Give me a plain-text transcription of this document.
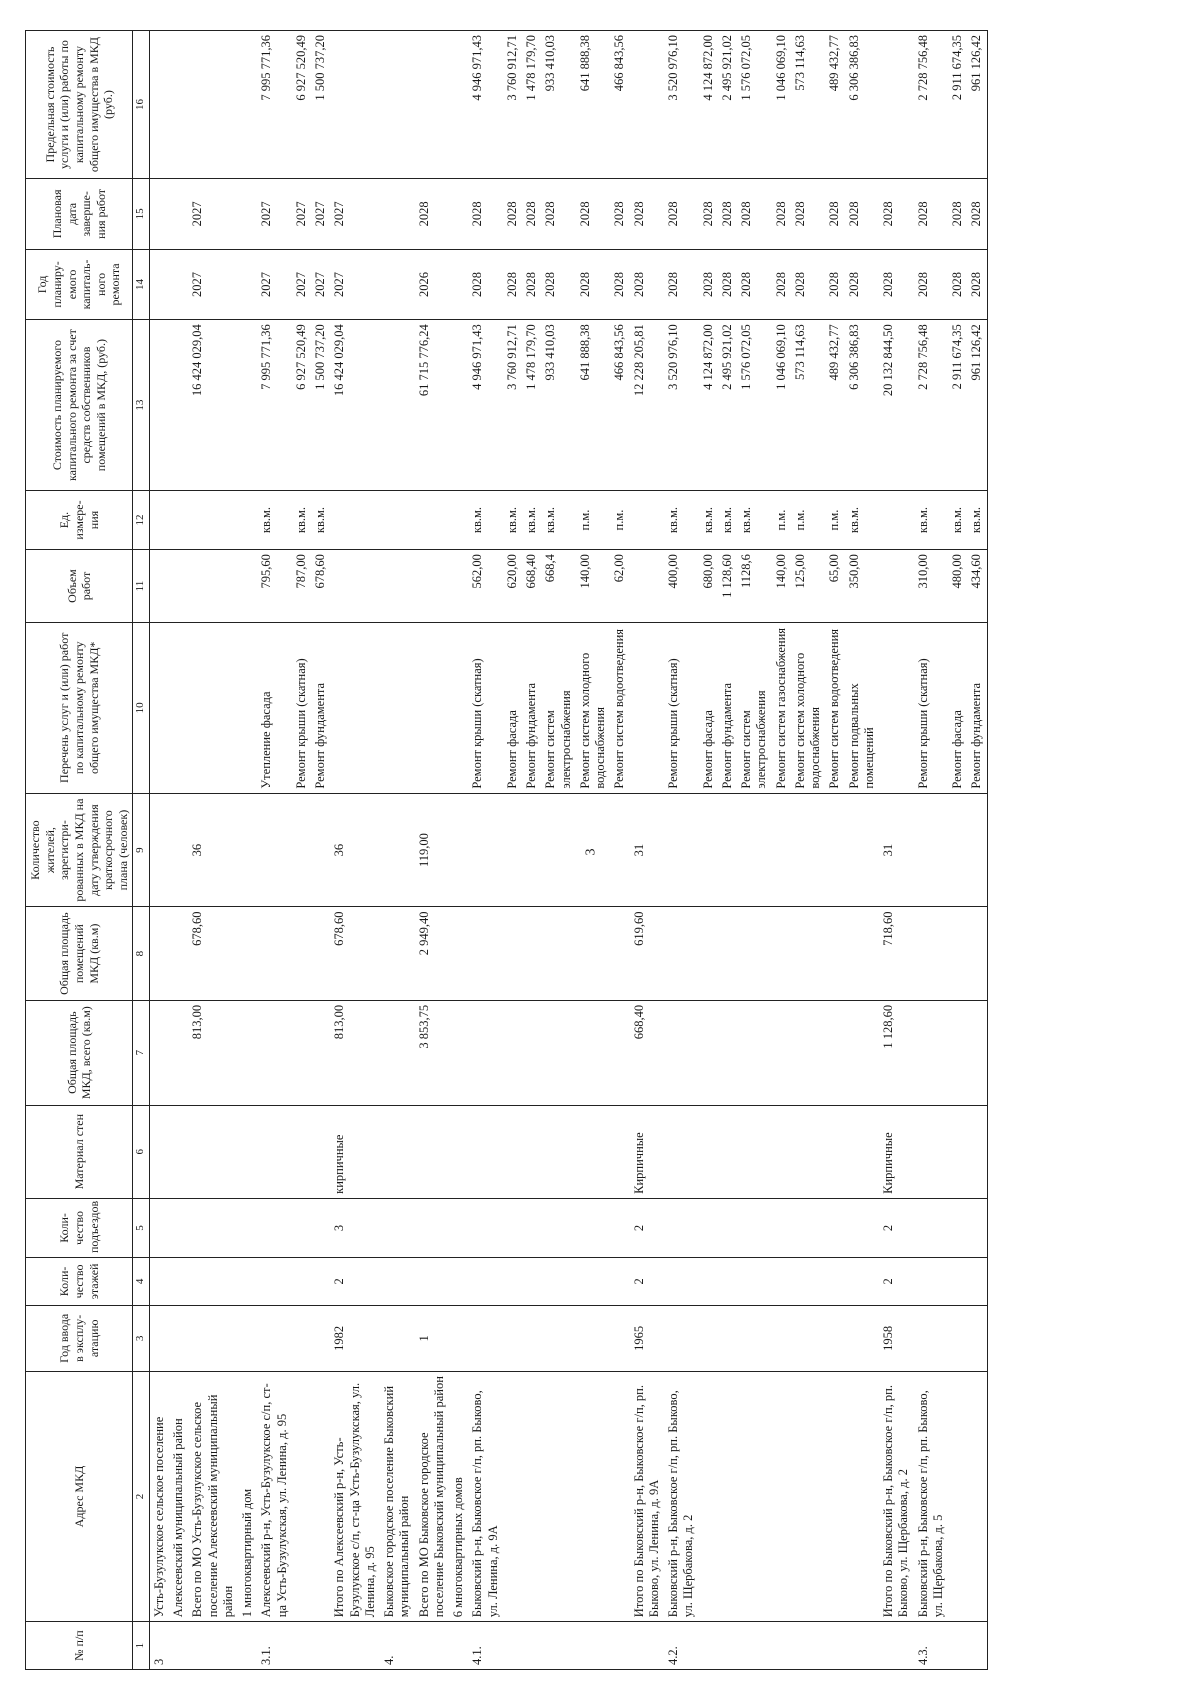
3
№ п/п	Адрес МКД	Год ввода в эксплу-атацию	Коли-чество этажей	Коли-чество подъездов	Материал стен	Общая площадь МКД, всего (кв.м)	Общая площадь помещений МКД (кв.м)	Количество жителей, зарегистри-рованных в МКД на дату утверждения краткосрочного плана (человек)	Перечень услуг и (или) работ по капитальному ремонту общего имущества МКД*	Объем работ	Ед. измере-ния	Стоимость планируемого капитального ремонта за счет средств собственников помещений в МКД, (руб.)	Год планиру-емого капиталь-ного ремонта	Плановая дата заверше-ния работ	Предельная стоимость услуги и (или) работы по капитальному ремонту общего имущества в МКД (руб.)
1	2	3	4	5	6	7	8	9	10	11	12	13	14	15	16
3	Усть-Бузулукское сельское поселение														
	Алексеевский муниципальный район														
	Всего по МО Усть-Бузулукское сельское поселение Алексеевский муниципальный район					813,00	678,60	36				16 424 029,04	2027	2027	
	1 многоквартирный дом														
3.1.	Алексеевский р-н, Усть-Бузулукское с/п, ст-ца Усть-Бузулукская, ул. Ленина, д. 95								Утепление фасада	795,60	кв.м.	7 995 771,36	2027	2027	7 995 771,36
									Ремонт крыши (скатная)	787,00	кв.м.	6 927 520,49	2027	2027	6 927 520,49
									Ремонт фундамента	678,60	кв.м.	1 500 737,20	2027	2027	1 500 737,20
	Итого по Алексеевский р-н, Усть-Бузулукское с/п, ст-ца Усть-Бузулукская, ул. Ленина, д. 95	1982	2	3	кирпичные	813,00	678,60	36				16 424 029,04	2027	2027	
4.	Быковское городское поселение Быковский муниципальный район														
	Всего по МО Быковское городское поселение Быковский муниципальный район	1				3 853,75	2 949,40	119,00				61 715 776,24	2026	2028	
	6 многоквартирных домов														
4.1.	Быковский р-н, Быковское г/п, рп. Быково, ул. Ленина, д. 9А								Ремонт крыши (скатная)	562,00	кв.м.	4 946 971,43	2028	2028	4 946 971,43
									Ремонт фасада	620,00	кв.м.	3 760 912,71	2028	2028	3 760 912,71
									Ремонт фундамента	668,40	кв.м.	1 478 179,70	2028	2028	1 478 179,70
									Ремонт систем электроснабжения	668,4	кв.м.	933 410,03	2028	2028	933 410,03
									Ремонт систем холодного водоснабжения	140,00	п.м.	641 888,38	2028	2028	641 888,38
									Ремонт систем водоотведения	62,00	п.м.	466 843,56	2028	2028	466 843,56
	Итого по Быковский р-н, Быковское г/п, рп. Быково, ул. Ленина, д. 9А	1965	2	2	Кирпичные	668,40	619,60	31				12 228 205,81	2028	2028	
4.2.	Быковский р-н, Быковское г/п, рп. Быково, ул. Щербакова, д. 2								Ремонт крыши (скатная)	400,00	кв.м.	3 520 976,10	2028	2028	3 520 976,10
									Ремонт фасада	680,00	кв.м.	4 124 872,00	2028	2028	4 124 872,00
									Ремонт фундамента	1 128,60	кв.м.	2 495 921,02	2028	2028	2 495 921,02
									Ремонт систем электроснабжения	1128,6	кв.м.	1 576 072,05	2028	2028	1 576 072,05
									Ремонт систем газоснабжения	140,00	п.м.	1 046 069,10	2028	2028	1 046 069,10
									Ремонт систем холодного водоснабжения	125,00	п.м.	573 114,63	2028	2028	573 114,63
									Ремонт систем водоотведения	65,00	п.м.	489 432,77	2028	2028	489 432,77
									Ремонт подвальных помещений	350,00	кв.м.	6 306 386,83	2028	2028	6 306 386,83
	Итого по Быковский р-н, Быковское г/п, рп. Быково, ул. Щербакова, д. 2	1958	2	2	Кирпичные	1 128,60	718,60	31				20 132 844,50	2028	2028	
4.3.	Быковский р-н, Быковское г/п, рп. Быково, ул. Щербакова, д. 5								Ремонт крыши (скатная)	310,00	кв.м.	2 728 756,48	2028	2028	2 728 756,48
									Ремонт фасада	480,00	кв.м.	2 911 674,35	2028	2028	2 911 674,35
									Ремонт фундамента	434,60	кв.м.	961 126,42	2028	2028	961 126,42
